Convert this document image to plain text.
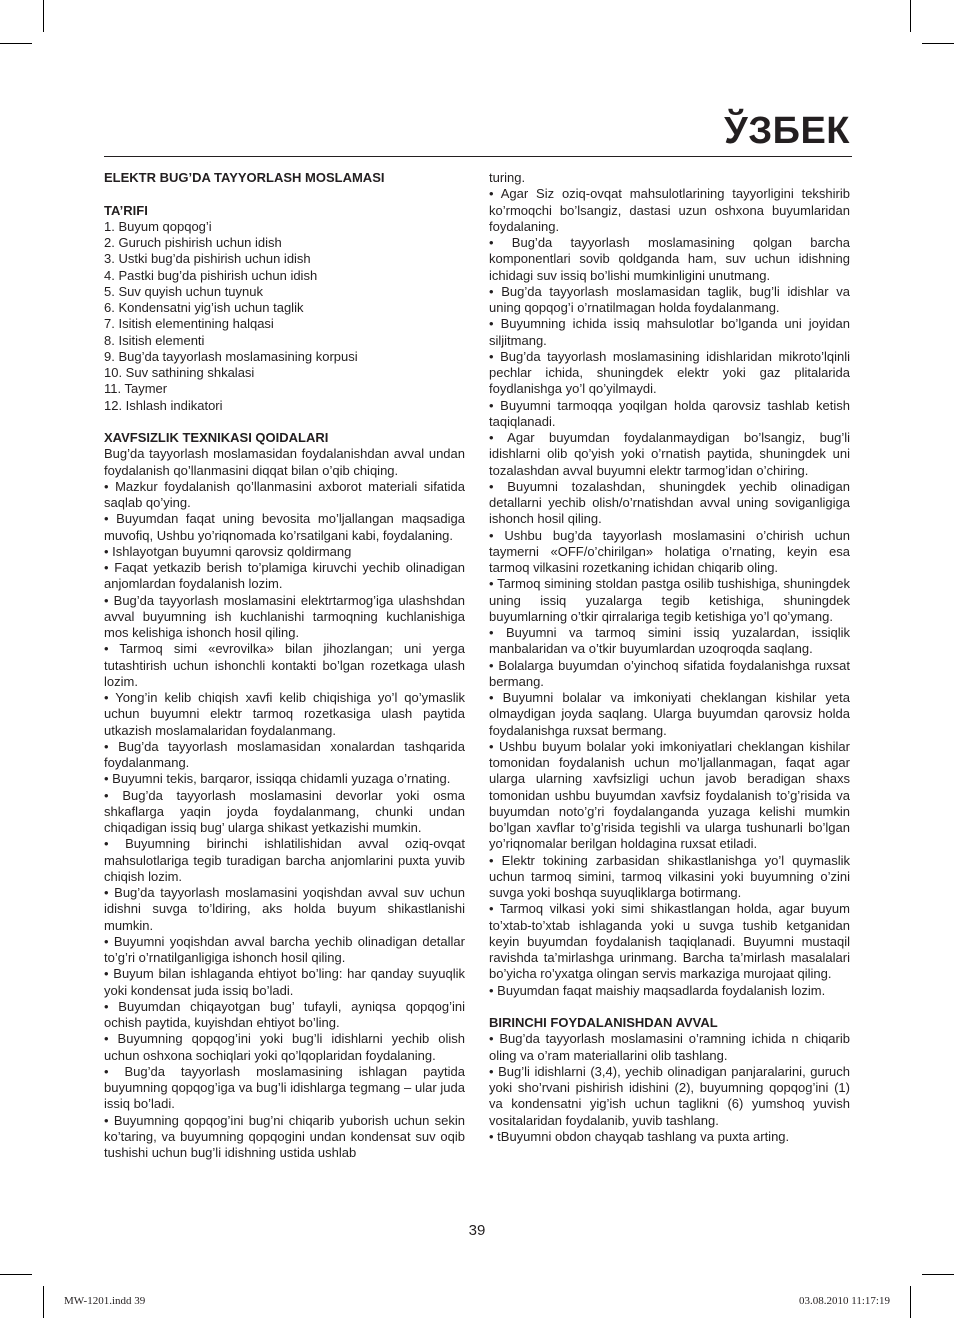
ЎЗБЕК
ELEKTR BUG’DA TAYYORLASH MOSLAMASI
TA’RIFI
1. Buyum qopqog’i
2. Guruch pishirish uchun idish
3. Ustki bug’da pishirish uchun idish
4. Pastki bug’da pishirish uchun idish
5. Suv quyish uchun tuynuk
6. Kondensatni yig’ish uchun taglik
7. Isitish elementining halqasi
8. Isitish elementi
9. Bug’da tayyorlash moslamasining korpusi
10. Suv sathining shkalasi
11. Taymer
12. Ishlash indikatori
XAVFSIZLIK TEXNIKASI QOIDALARI

Bug’da tayyorlash moslamasidan foydalanishdan avval undan foydalanish qo’llanmasini diqqat bilan o’qib chiqing.

• Mazkur foydalanish qo’llanmasini axborot materiali sifatida saqlab qo’ying.

• Buyumdan faqat uning bevosita mo’ljallangan maqsadiga muvofiq, Ushbu yo’riqnomada ko’rsatilgani kabi, foydalaning.

• Ishlayotgan buyumni qarovsiz qoldirmang

• Faqat yetkazib berish to’plamiga kiruvchi yechib olinadigan anjomlardan foydalanish lozim.

• Bug’da tayyorlash moslamasini elektrtarmog’iga ulashshdan avval buyumning ish kuchlanishi tarmoqning kuchlanishiga mos kelishiga ishonch hosil qiling.

• Tarmoq simi «evrovilka» bilan jihozlangan; uni yerga tutashtirish uchun ishonchli kontakti bo’lgan rozetkaga ulash lozim.

• Yong’in kelib chiqish xavfi kelib chiqishiga yo’l qo’ymaslik uchun buyumni elektr tarmoq rozetkasiga ulash paytida utkazish moslamalaridan foydalanmang.

• Bug’da tayyorlash moslamasidan xonalardan tashqarida foydalanmang.

• Buyumni tekis, barqaror, issiqqa chidamli yuzaga o’rnating.

• Bug’da tayyorlash moslamasini devorlar yoki osma shkaflarga yaqin joyda foydalanmang, chunki undan chiqadigan issiq bug’ ularga shikast yetkazishi mumkin.

• Buyumning birinchi ishlatilishidan avval oziq-ovqat mahsulotlariga tegib turadigan barcha anjomlarini puxta yuvib chiqish lozim.

• Bug’da tayyorlash moslamasini yoqishdan avval suv uchun idishni suvga to’ldiring, aks holda buyum shikastlanishi mumkin.

• Buyumni yoqishdan avval barcha yechib olinadigan detallar to’g’ri o’rnatilganligiga ishonch hosil qiling.

• Buyum bilan ishlaganda ehtiyot bo’ling: har qanday suyuqlik yoki kondensat juda issiq bo’ladi.

• Buyumdan chiqayotgan bug’ tufayli, ayniqsa qopqog’ini ochish paytida, kuyishdan ehtiyot bo’ling.

• Buyumning qopqog’ini yoki bug’li idishlarni yechib olish uchun oshxona sochiqlari yoki qo’lqoplaridan foydalaning.

• Bug’da tayyorlash moslamasining ishlagan paytida buyumning qopqog’iga va bug’li idishlarga tegmang – ular juda issiq bo’ladi.

• Buyumning qopqog’ini bug’ni chiqarib yuborish uchun sekin ko’taring, va buyumning qopqogini undan kondensat suv oqib tushishi uchun bug’li idishning ustida ushlab

turing.

• Agar Siz oziq-ovqat mahsulotlarining tayyorligini tekshirib ko’rmoqchi bo’lsangiz, dastasi uzun oshxona buyumlaridan foydalaning.

• Bug’da tayyorlash moslamasining qolgan barcha komponentlari sovib qoldganda ham, suv uchun idishning ichidagi suv issiq bo’lishi mumkinligini unutmang.

• Bug’da tayyorlash moslamasidan taglik, bug’li idishlar va uning qopqog’i o’rnatilmagan holda foydalanmang.

• Buyumning ichida issiq mahsulotlar bo’lganda uni joyidan siljitmang.

• Bug’da tayyorlash moslamasining idishlaridan mikroto’lqinli pechlar ichida, shuningdek elektr yoki gaz plitalarida foydlanishga yo’l qo’yilmaydi.

• Buyumni tarmoqqa yoqilgan holda qarovsiz tashlab ketish taqiqlanadi.

• Agar buyumdan foydalanmaydigan bo’lsangiz, bug’li idishlarni olib qo’yish yoki o’rnatish paytida, shuningdek uni tozalashdan avval buyumni elektr tarmog’idan o’chiring.

• Buyumni tozalashdan, shuningdek yechib olinadigan detallarni yechib olish/o’rnatishdan avval uning soviganligiga ishonch hosil qiling.

• Ushbu bug’da tayyorlash moslamasini o’chirish uchun taymerni «OFF/o’chirilgan» holatiga o’rnating, keyin esa tarmoq vilkasini rozetkaning ichidan chiqarib oling.

• Tarmoq simining stoldan pastga osilib tushishiga, shuningdek uning issiq yuzalarga tegib ketishiga, shuningdek buyumlarning o’tkir qirralariga tegib ketishiga yo’l qo’ymang.

• Buyumni va tarmoq simini issiq yuzalardan, issiqlik manbalaridan va o’tkir buyumlardan uzoqroqda saqlang.

• Bolalarga buyumdan o’yinchoq sifatida foydalanishga ruxsat bermang.

• Buyumni bolalar va imkoniyati cheklangan kishilar yeta olmaydigan joyda saqlang. Ularga buyumdan qarovsiz holda foydalanishga ruxsat bermang.

• Ushbu buyum bolalar yoki imkoniyatlari cheklangan kishilar tomonidan foydalanish uchun mo’ljallanmagan, faqat agar ularga ularning xavfsizligi uchun javob beradigan shaxs tomonidan ushbu buyumdan xavfsiz foydalanish to’g’risida va buyumdan noto’g’ri foydalanganda yuzaga kelishi mumkin bo’lgan xavflar to’g’risida tegishli va ularga tushunarli bo’lgan yo’riqnomalar berilgan holdagina ruxsat etiladi.

• Elektr tokining zarbasidan shikastlanishga yo’l quymaslik uchun tarmoq simini, tarmoq vilkasini yoki buyumning o’zini suvga yoki boshqa suyuqliklarga botirmang.

• Tarmoq vilkasi yoki simi shikastlangan holda, agar buyum to’xtab-to’xtab ishlaganda yoki u suvga tushib ketganidan keyin buyumdan foydalanish taqiqlanadi. Buyumni mustaqil ravishda ta’mirlashga urinmang. Barcha ta’mirlash masalalari bo’yicha ro’yxatga olingan servis markaziga murojaat qiling.

• Buyumdan faqat maishiy maqsadlarda foydalanish lozim.

BIRINCHI FOYDALANISHDAN AVVAL

• Bug’da tayyorlash moslamasini o’ramning ichida n chiqarib oling va o’ram materiallarini olib tashlang.

• Bug’li idishlarni (3,4), yechib olinadigan panjaralarini, guruch yoki sho’rvani pishirish idishini (2), buyumning qopqog’ini (1) va kondensatni yig’ish uchun taglikni (6) yumshoq yuvish vositalaridan foydalanib, yuvib tashlang.

• tBuyumni obdon chayqab tashlang va puxta arting.

39
MW-1201.indd 39	03.08.2010 11:17:19
